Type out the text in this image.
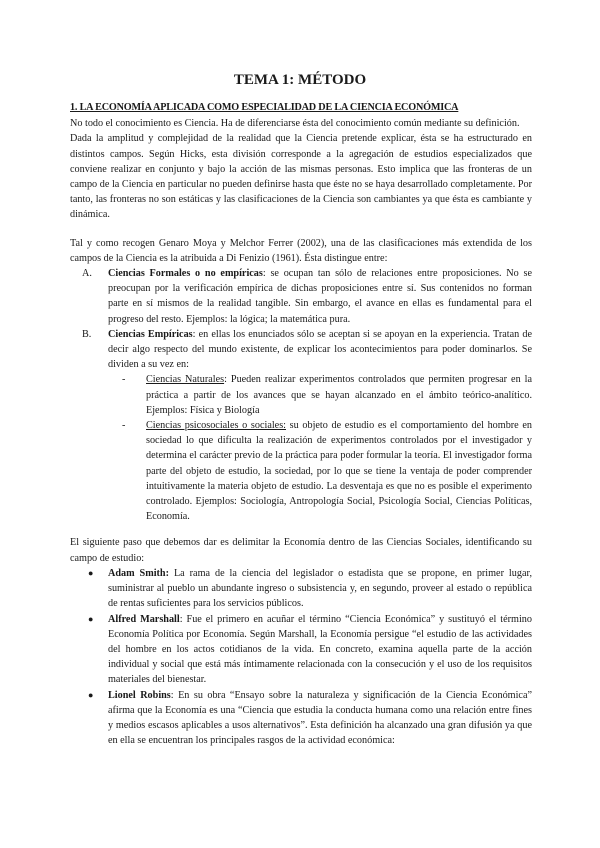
TEMA 1: MÉTODO
1. LA ECONOMÍA APLICADA COMO ESPECIALIDAD DE LA CIENCIA ECONÓMICA

No todo el conocimiento es Ciencia. Ha de diferenciarse ésta del conocimiento común mediante su definición.

Dada la amplitud y complejidad de la realidad que la Ciencia pretende explicar, ésta se ha estructurado en distintos campos. Según Hicks, esta división corresponde a la agregación de estudios especializados que conviene realizar en conjunto y bajo la acción de las mismas personas. Esto implica que las fronteras de un campo de la Ciencia en particular no pueden definirse hasta que éste no se haya desarrollado completamente. Por tanto, las fronteras no son estáticas y las clasificaciones de la Ciencia son cambiantes ya que ésta es cambiante y dinámica.

Tal y como recogen Genaro Moya y Melchor Ferrer (2002), una de las clasificaciones más extendida de los campos de la Ciencia es la atribuida a Di Fenizio (1961). Ésta distingue entre:

A.	Ciencias Formales o no empíricas: se ocupan tan sólo de relaciones entre proposiciones. No se preocupan por la verificación empírica de dichas proposiciones entre sí. Sus contenidos no forman parte en sí mismos de la realidad tangible. Sin embargo, el avance en ellas es fundamental para el progreso del resto. Ejemplos: la lógica; la matemática pura.
B.	Ciencias Empíricas: en ellas los enunciados sólo se aceptan si se apoyan en la experiencia. Tratan de decir algo respecto del mundo existente, de explicar los acontecimientos para poder dominarlos. Se dividen a su vez en:
-	Ciencias Naturales: Pueden realizar experimentos controlados que permiten progresar en la práctica a partir de los avances que se hayan alcanzado en el ámbito teórico-analítico. Ejemplos: Física y Biología
-	Ciencias psicosociales o sociales: su objeto de estudio es el comportamiento del hombre en sociedad lo que dificulta la realización de experimentos controlados por el investigador y determina el carácter previo de la práctica para poder formular la teoría. El investigador forma parte del objeto de estudio, la sociedad, por lo que se tiene la ventaja de poder comprender intuitivamente la materia objeto de estudio. La desventaja es que no es posible el experimento controlado. Ejemplos: Sociología, Antropología Social, Psicología Social, Ciencias Políticas, Economía.

El siguiente paso que debemos dar es delimitar la Economía dentro de las Ciencias Sociales, identificando su campo de estudio:

●	Adam Smith: La rama de la ciencia del legislador o estadista que se propone, en primer lugar, suministrar al pueblo un abundante ingreso o subsistencia y, en segundo, proveer al estado o república de rentas suficientes para los servicios públicos.
●	Alfred Marshall: Fue el primero en acuñar el término “Ciencia Económica” y sustituyó el término Economía Política por Economía. Según Marshall, la Economía persigue “el estudio de las actividades del hombre en los actos cotidianos de la vida. En concreto, examina aquella parte de la acción individual y social que está más íntimamente relacionada con la consecución y el uso de los requisitos materiales del bienestar.
●	Lionel Robins: En su obra “Ensayo sobre la naturaleza y significación de la Ciencia Económica” afirma que la Economía es una “Ciencia que estudia la conducta humana como una relación entre fines y medios escasos aplicables a usos alternativos”. Esta definición ha alcanzado una gran difusión ya que en ella se encuentran los principales rasgos de la actividad económica:
